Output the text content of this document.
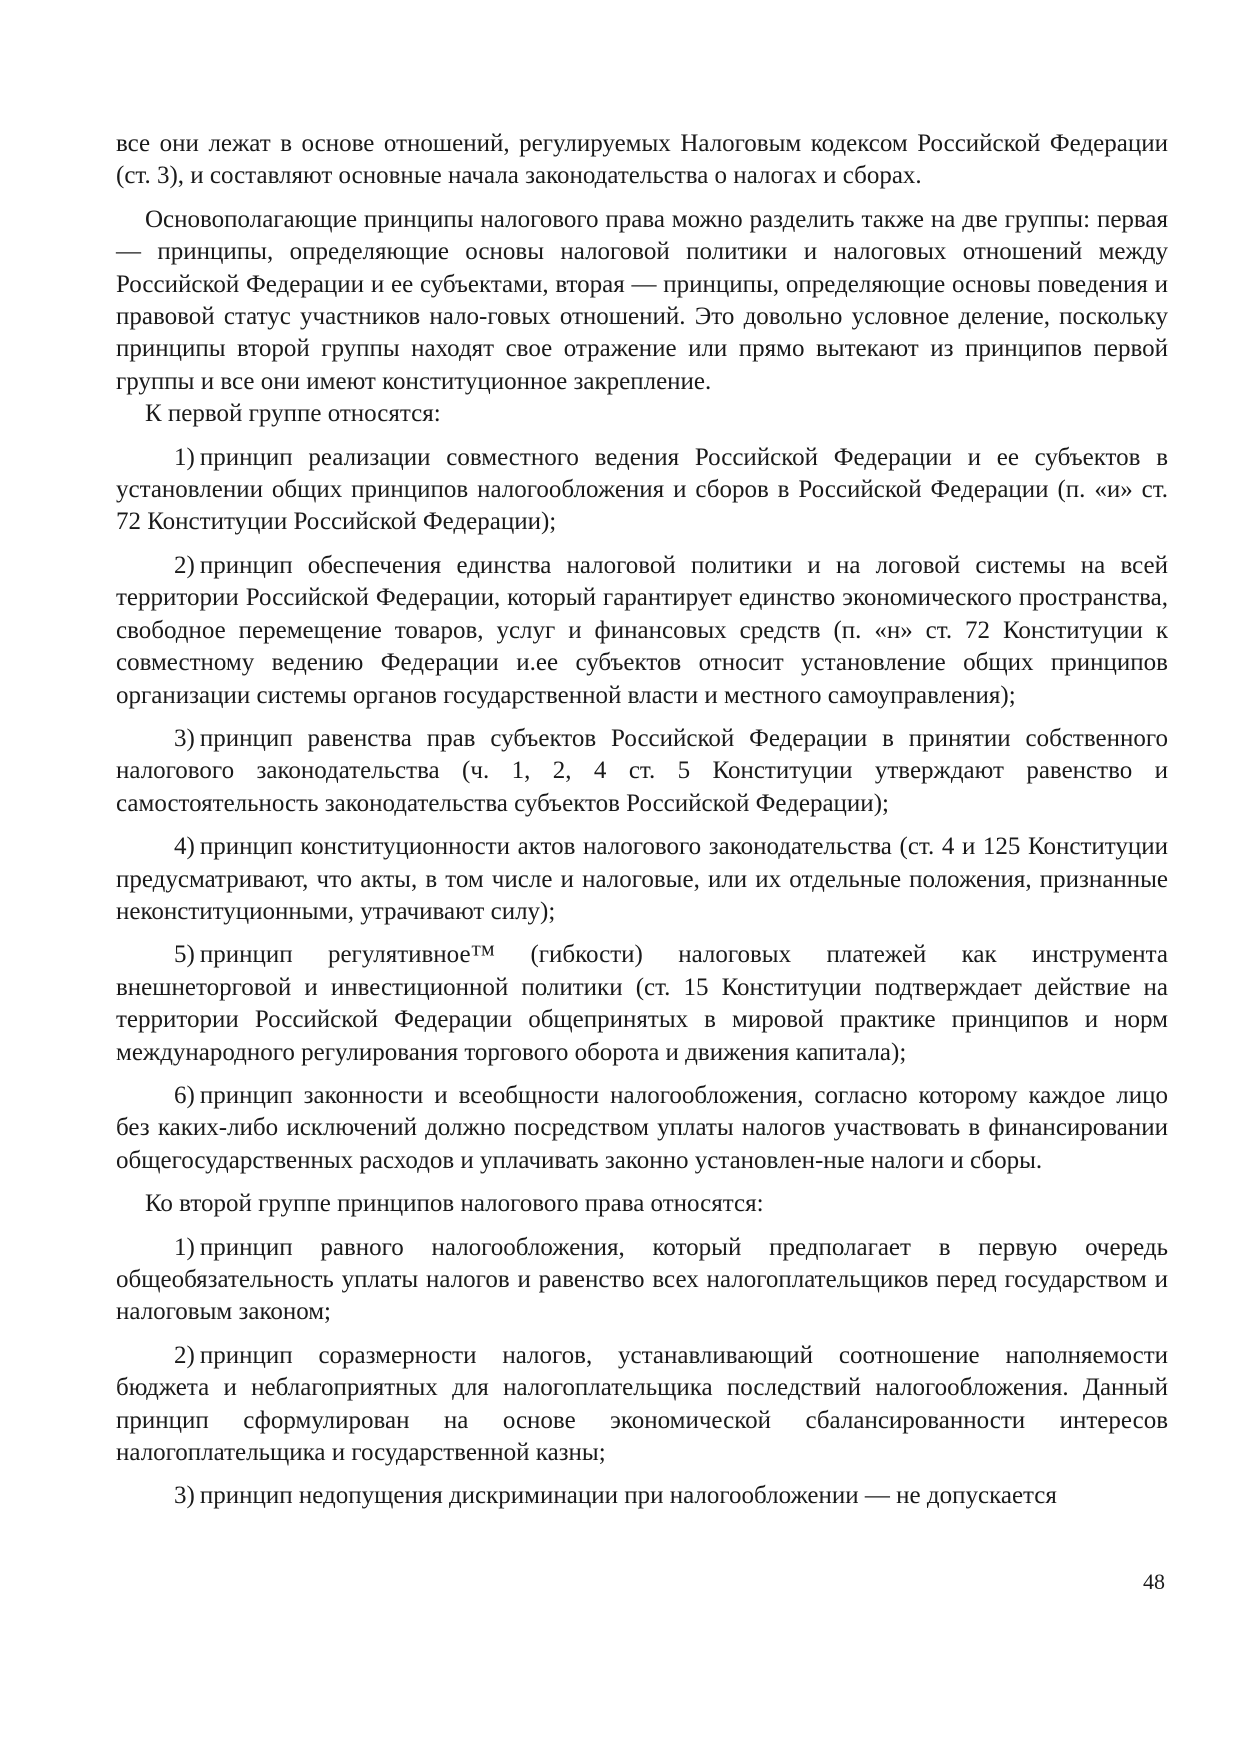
все они лежат в основе отношений, регулируемых Налоговым кодексом Российской Федерации (ст. 3), и составляют основные начала законодательства о налогах и сборах.

Основополагающие принципы налогового права можно разделить также на две группы: первая — принципы, определяющие основы налоговой политики и налоговых отношений между Российской Федерации и ее субъектами, вторая — принципы, определяющие основы поведения и правовой статус участников нало-говых отношений. Это довольно условное деление, поскольку принципы второй группы находят свое отражение или прямо вытекают из принципов первой группы и все они имеют конституционное закрепление.

К первой группе относятся:

1) принцип реализации совместного ведения Российской Федерации и ее субъектов в установлении общих принципов налогообложения и сборов в Российской Федерации (п. «и» ст. 72 Конституции Российской Федерации);

2) принцип обеспечения единства налоговой политики и на логовой системы на всей территории Российской Федерации, который гарантирует единство экономического пространства, свободное перемещение товаров, услуг и финансовых средств (п. «н» ст. 72 Конституции к совместному ведению Федерации и.ее субъектов относит установление общих принципов организации системы органов государственной власти и местного самоуправления);

3) принцип равенства прав субъектов Российской Федерации в принятии собственного налогового законодательства (ч. 1, 2, 4 ст. 5 Конституции утверждают равенство и самостоятельность законодательства субъектов Российской Федерации);

4) принцип конституционности актов налогового законодательства (ст. 4 и 125 Конституции предусматривают, что акты, в том числе и налоговые, или их отдельные положения, признанные неконституционными, утрачивают силу);

5) принцип регулятивное™ (гибкости) налоговых платежей как инструмента внешнеторговой и инвестиционной политики (ст. 15 Конституции подтверждает действие на территории Российской Федерации общепринятых в мировой практике принципов и норм международного регулирования торгового оборота и движения капитала);

6) принцип законности и всеобщности налогообложения, согласно которому каждое лицо без каких-либо исключений должно посредством уплаты налогов участвовать в финансировании общегосударственных расходов и уплачивать законно установлен-ные налоги и сборы.

Ко второй группе принципов налогового права относятся:

1) принцип равного налогообложения, который предполагает в первую очередь общеобязательность уплаты налогов и равенство всех налогоплательщиков перед государством и налоговым законом;

2) принцип соразмерности налогов, устанавливающий соотношение наполняемости бюджета и неблагоприятных для налогоплательщика последствий налогообложения. Данный принцип сформулирован на основе экономической сбалансированности интересов налогоплательщика и государственной казны;

3) принцип недопущения дискриминации при налогообложении — не допускается

48
